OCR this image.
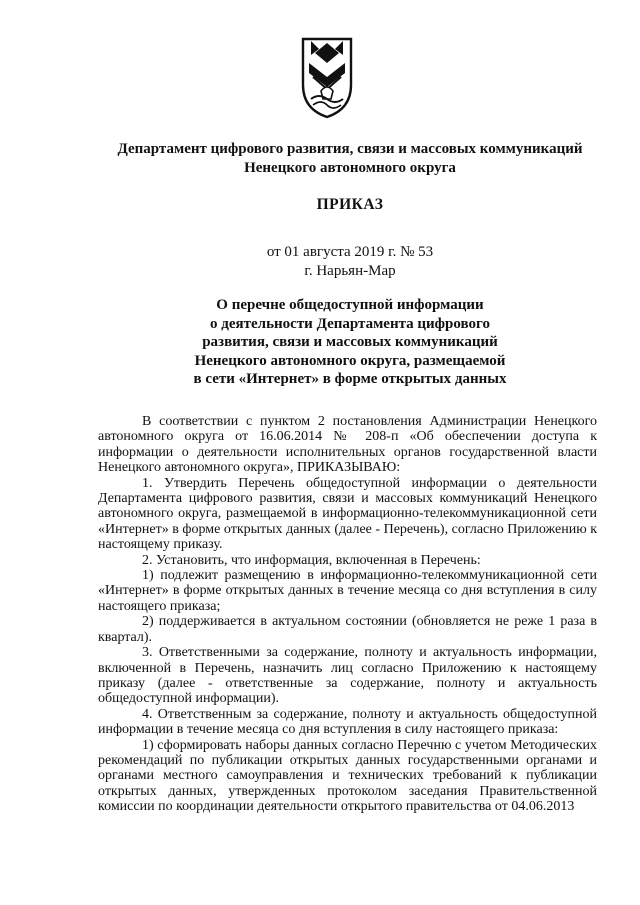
Департамент цифрового развития, связи и массовых коммуникаций
Ненецкого автономного округа
ПРИКАЗ
от 01 августа 2019 г. № 53
г. Нарьян-Мар
О перечне общедоступной информации
о деятельности Департамента цифрового
развития, связи и массовых коммуникаций
Ненецкого автономного округа, размещаемой
в сети «Интернет» в форме открытых данных

В соответствии с пунктом 2 постановления Администрации Ненецкого автономного округа от 16.06.2014 № 208-п «Об обеспечении доступа к информации о деятельности исполнительных органов государственной власти Ненецкого автономного округа», ПРИКАЗЫВАЮ:

1. Утвердить Перечень общедоступной информации о деятельности Департамента цифрового развития, связи и массовых коммуникаций Ненецкого автономного округа, размещаемой в информационно-телекоммуникационной сети «Интернет» в форме открытых данных (далее - Перечень), согласно Приложению к настоящему приказу.

2. Установить, что информация, включенная в Перечень:

1) подлежит размещению в информационно-телекоммуникационной сети «Интернет» в форме открытых данных в течение месяца со дня вступления в силу настоящего приказа;

2) поддерживается в актуальном состоянии (обновляется не реже 1 раза в квартал).

3. Ответственными за содержание, полноту и актуальность информации, включенной в Перечень, назначить лиц согласно Приложению к настоящему приказу (далее - ответственные за содержание, полноту и актуальность общедоступной информации).

4. Ответственным за содержание, полноту и актуальность общедоступной информации в течение месяца со дня вступления в силу настоящего приказа:

1) сформировать наборы данных согласно Перечню с учетом Методических рекомендаций по публикации открытых данных государственными органами и органами местного самоуправления и технических требований к публикации открытых данных, утвержденных протоколом заседания Правительственной комиссии по координации деятельности открытого правительства от 04.06.2013
